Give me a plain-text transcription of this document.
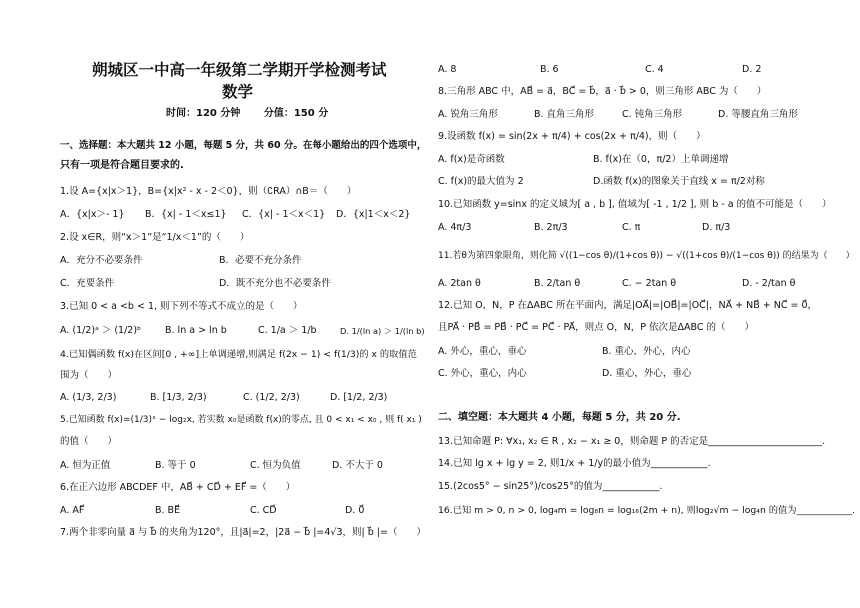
朔城区一中高一年级第二学期开学检测考试
数学
时间：120 分钟　　 分值：150 分
一、选择题：本大题共 12 小题，每题 5 分，共 60 分。在每小题给出的四个选项中，
只有一项是符合题目要求的.
1.设 A={x|x＞1}，B={x|x² - x - 2＜0}，则（∁RA）∩B＝（　　）
A．{x|x＞- 1} B．{x| - 1＜x≤1} C．{x| - 1＜x＜1} D．{x|1＜x＜2}
2.设 x∈R，则“x＞1”是“1/x＜1”的（　　）
A．充分不必要条件	B．必要不充分条件
C．充要条件	D．既不充分也不必要条件
3.已知 0 < a <b < 1, 则下列不等式不成立的是（　　）
A. (1/2)ᵃ ＞ (1/2)ᵇ	B. ln a > ln b	C. 1/a ＞ 1/b	D. 1/(ln a) ＞ 1/(ln b)
4.已知偶函数 f(x)在区间[0 , +∞]上单调递增,则满足 f(2x − 1) < f(1/3)的 x 的取值范
围为（　　）
A. (1/3, 2/3)	B. [1/3, 2/3)	C. (1/2, 2/3)	D. [1/2, 2/3)
5.已知函数 f(x)=(1/3)ˣ − log₂x, 若实数 x₀是函数 f(x)的零点, 且 0 < x₁ < x₀ , 则 f( x₁ )
的值（　　）
A. 恒为正值	B. 等于 0	C. 恒为负值	D. 不大于 0
6.在正六边形 ABCDEF 中，AB⃗ + CD⃗ + EF⃗ =（　　）
A. AF⃗	B. BE⃗	C. CD⃗	D. 0⃗
7.两个非零向量 a⃗ 与 b⃗ 的夹角为120°，且|a⃗|=2，|2a⃗ − b⃗ |=4√3，则| b⃗ |=（　　）
A. 8	B. 6	C. 4	D. 2
8.三角形 ABC 中，AB⃗ = a⃗，BC⃗ = b⃗，a⃗ · b⃗ > 0，则三角形 ABC 为（　　）
A. 锐角三角形	B. 直角三角形	C. 钝角三角形	D. 等腰直角三角形
9.设函数 f(x) = sin(2x + π/4) + cos(2x + π/4)，则（　　）
A. f(x)是奇函数	B. f(x)在（0，π/2）上单调递增
C. f(x)的最大值为 2	D.函数 f(x)的图象关于直线 x = π/2对称
10.已知函数 y=sinx 的定义域为[ a , b ], 值域为[ -1 , 1/2 ], 则 b - a 的值不可能是（　　）
A. 4π/3	B. 2π/3	C. π	D. π/3
11.若θ为第四象限角，则化简 √((1−cos θ)/(1+cos θ)) − √((1+cos θ)/(1−cos θ)) 的结果为（　　）
A. 2tan θ	B. 2/tan θ	C. − 2tan θ	D. - 2/tan θ
12.已知 O，N，P 在ΔABC 所在平面内，满足|OA⃗|=|OB⃗|=|OC⃗|，NA⃗ + NB⃗ + NC⃗ = 0⃗，
且PA⃗ · PB⃗ = PB⃗ · PC⃗ = PC⃗ · PA⃗，则点 O，N，P 依次是ΔABC 的（　　）
A. 外心，重心，垂心	B. 重心，外心，内心
C. 外心，重心，内心	D. 重心，外心，垂心
二、填空题：本大题共 4 小题，每题 5 分，共 20 分.
13.已知命题 P: ∀x₁, x₂ ∈ R , x₂ − x₁ ≥ 0，则命题 P 的否定是________________________.
14.已知 lg x + lg y = 2, 则1/x + 1/y的最小值为____________.
15.(2cos5° − sin25°)/cos25°的值为____________.
16.已知 m > 0, n > 0, log₄m = log₈n = log₁₆(2m + n), 则log₂√m − log₄n 的值为____________.
